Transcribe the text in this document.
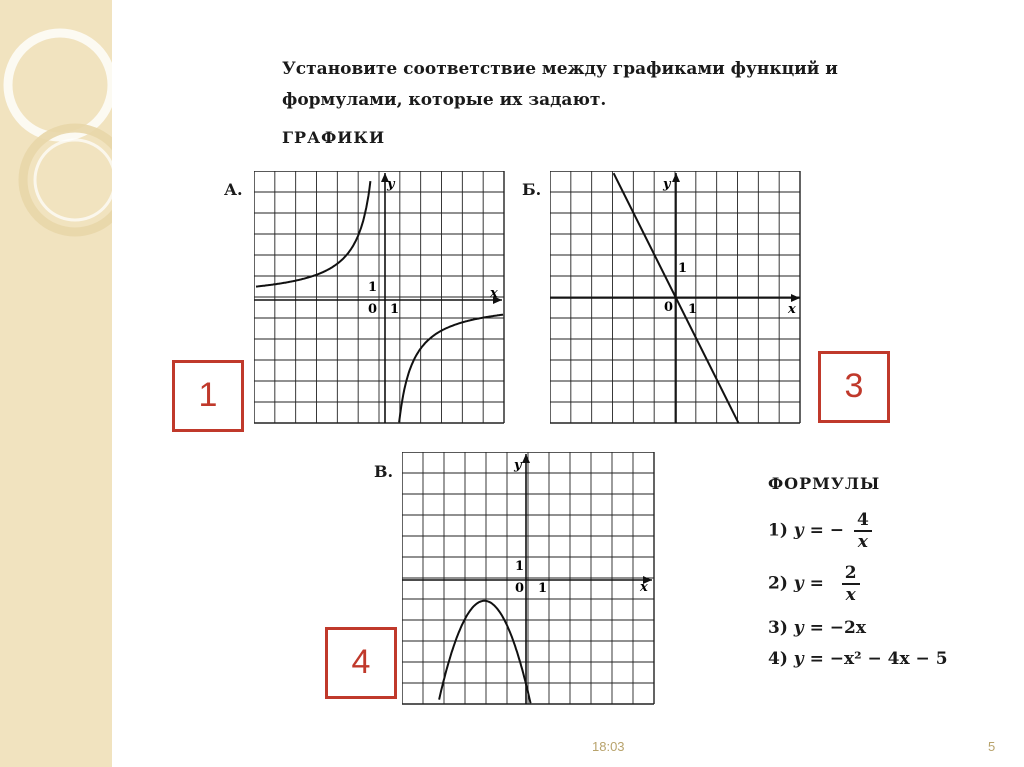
Установите соответствие между графиками функций и
формулами, которые их задают.
ГРАФИКИ
А.	y
x
1
0 1
Б.	y
x
1
0 1
В.	y
x
1
0 1
1	3
4
ФОРМУЛЫ
1) y = − $\frac{4}{x}$
2) $y = \frac{2}{x}$
3) y = −2x
4) y = −x² − 4x − 5
18:03	5
